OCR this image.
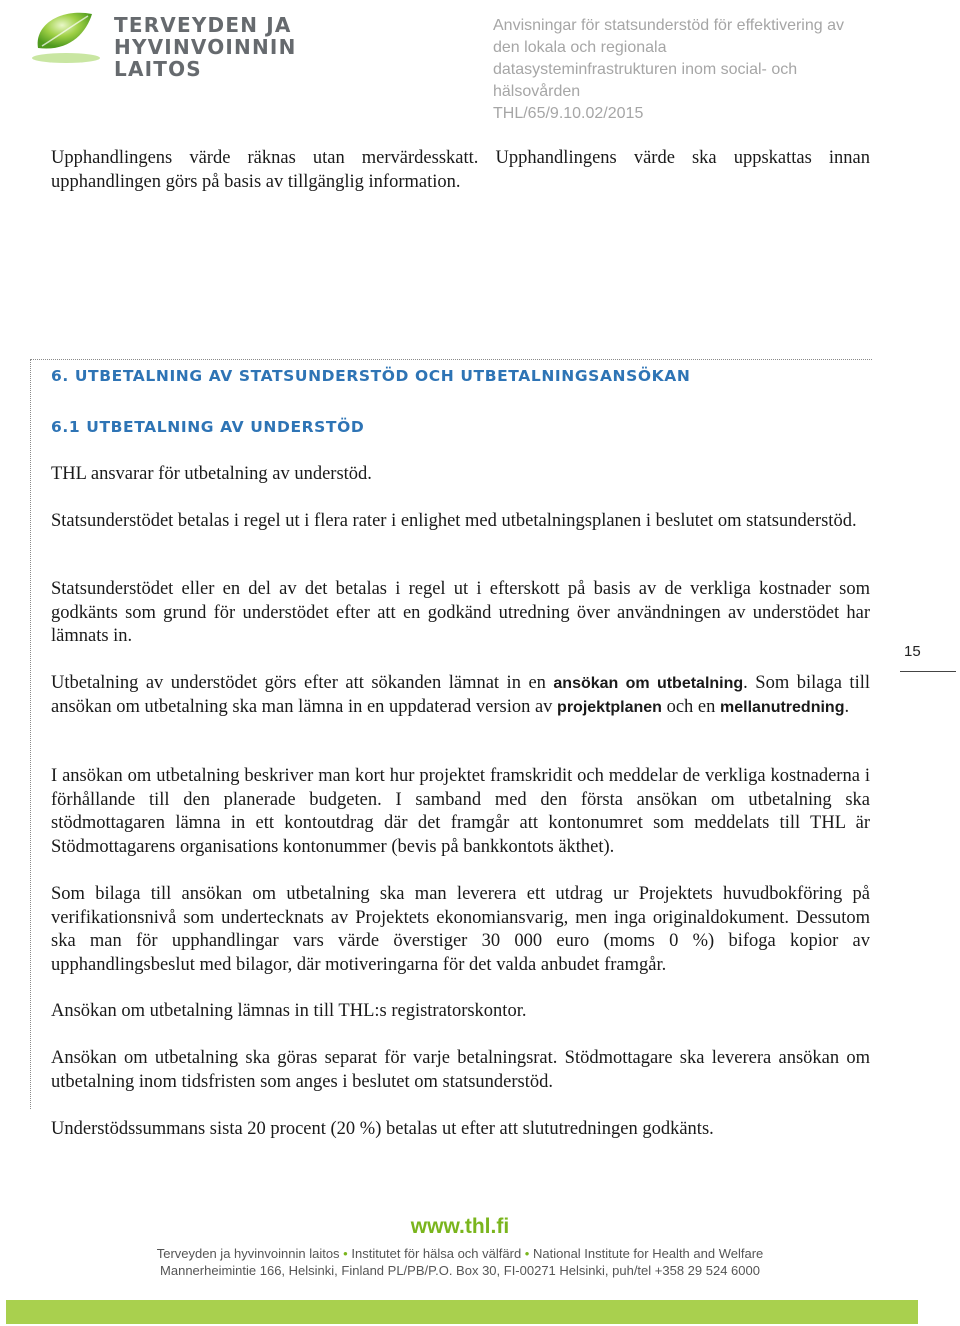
TERVEYDEN JA
HYVINVOINNIN LAITOS
Anvisningar för statsunderstöd för effektivering av
den lokala och regionala
datasysteminfrastrukturen inom social- och
hälsovården
THL/65/9.10.02/2015

Upphandlingens värde räknas utan mervärdesskatt. Upphandlingens värde ska uppskattas innan upphandlingen görs på basis av tillgänglig information.

6. UTBETALNING AV STATSUNDERSTÖD OCH UTBETALNINGSANSÖKAN
6.1 UTBETALNING AV UNDERSTÖD

THL ansvarar för utbetalning av understöd.

Statsunderstödet betalas i regel ut i flera rater i enlighet med utbetalningsplanen i beslutet om statsunderstöd.

Statsunderstödet eller en del av det betalas i regel ut i efterskott på basis av de verkliga kostnader som godkänts som grund för understödet efter att en godkänd utredning över användningen av understödet har lämnats in.

Utbetalning av understödet görs efter att sökanden lämnat in en ansökan om utbetalning. Som bilaga till ansökan om utbetalning ska man lämna in en uppdaterad version av projektplanen och en mellanutredning.

I ansökan om utbetalning beskriver man kort hur projektet framskridit och meddelar de verkliga kostnaderna i förhållande till den planerade budgeten. I samband med den första ansökan om utbetalning ska stödmottagaren lämna in ett kontoutdrag där det framgår att kontonumret som meddelats till THL är Stödmottagarens organisations kontonummer (bevis på bankkontots äkthet).

Som bilaga till ansökan om utbetalning ska man leverera ett utdrag ur Projektets huvudbokföring på verifikationsnivå som undertecknats av Projektets ekonomiansvarig, men inga originaldokument. Dessutom ska man för upphandlingar vars värde överstiger 30 000 euro (moms 0 %) bifoga kopior av upphandlingsbeslut med bilagor, där motiveringarna för det valda anbudet framgår.

Ansökan om utbetalning lämnas in till THL:s registratorskontor.

Ansökan om utbetalning ska göras separat för varje betalningsrat. Stödmottagare ska leverera ansökan om utbetalning inom tidsfristen som anges i beslutet om statsunderstöd.

Understödssummans sista 20 procent (20 %) betalas ut efter att slututredningen godkänts.

15
www.thl.fi
Terveyden ja hyvinvoinnin laitos • Institutet för hälsa och välfärd • National Institute for Health and Welfare
Mannerheimintie 166, Helsinki, Finland PL/PB/P.O. Box 30, FI-00271 Helsinki, puh/tel +358 29 524 6000
